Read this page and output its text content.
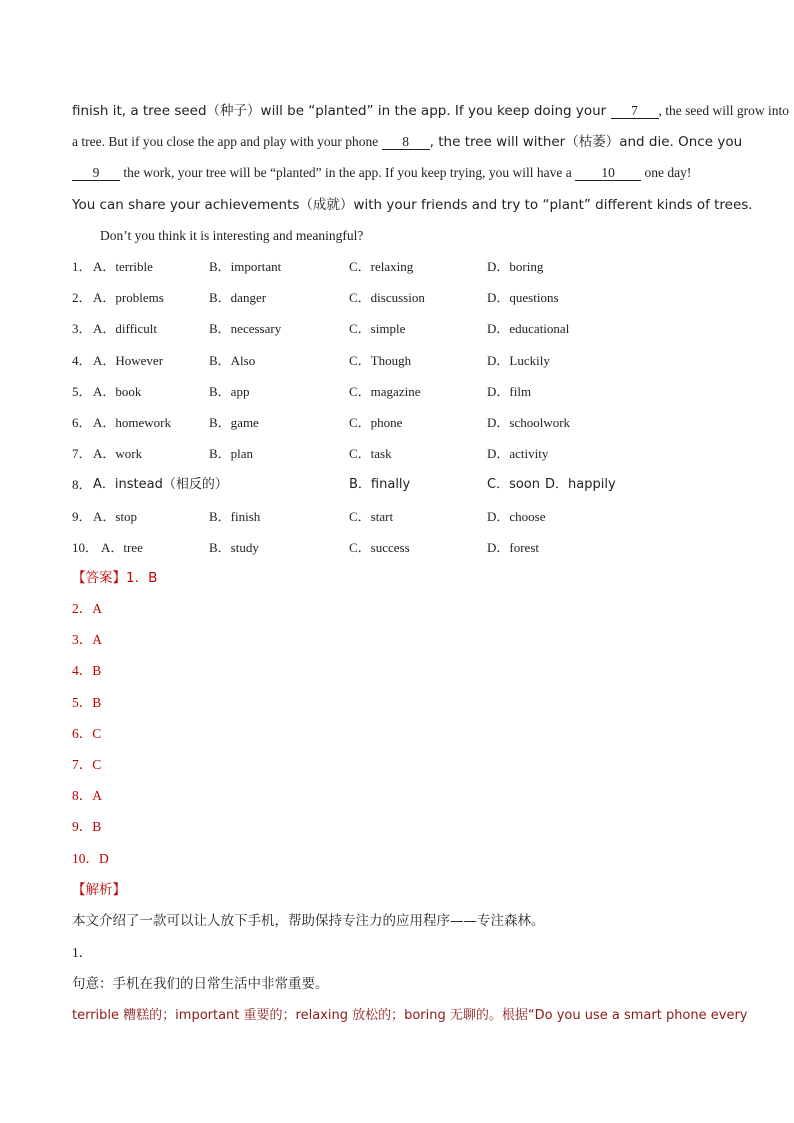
finish it, a tree seed（种子）will be “planted” in the app. If you keep doing your 7 , the seed will grow into
a tree. But if you close the app and play with your phone 8 , the tree will wither（枯萎）and die. Once you
9 the work, your tree will be “planted” in the app. If you keep trying, you will have a 10 one day!
You can share your achievements（成就）with your friends and try to “plant” different kinds of trees.
Don’t you think it is interesting and meaningful?
1． A．terrible	B．important	C．relaxing	D．boring
2． A．problems	B．danger	C．discussion	D．questions
3． A．difficult	B．necessary	C．simple	D．educational
4． A．However	B．Also	C．Though	D．Luckily
5． A．book	B．app	C．magazine	D．film
6． A．homework	B．game	C．phone	D．schoolwork
7． A．work	B．plan	C．task	D．activity
8． A．instead（相反的）	B．finally	C．soon D．happily
9． A．stop	B．finish	C．start	D．choose
10． A．tree	B．study	C．success	D．forest
【答案】1．B
2．A
3．A
4．B
5．B
6．C
7．C
8．A
9．B
10．D
【解析】
本文介绍了一款可以让人放下手机，帮助保持专注力的应用程序——专注森林。
1．
句意：手机在我们的日常生活中非常重要。
terrible 糟糕的；important 重要的；relaxing 放松的；boring 无聊的。根据“Do you use a smart phone every
